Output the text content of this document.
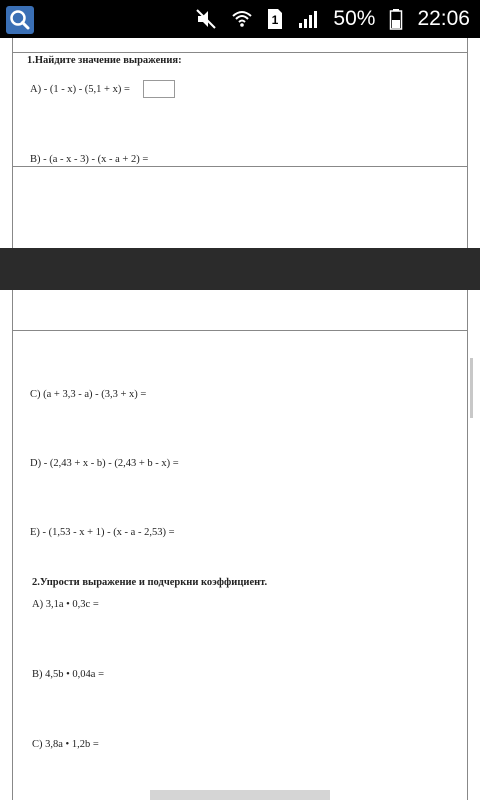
1	50% 22:06
1.Найдите значение выражения:
A) - (1 - x) - (5,1 + x) =
B) - (a - x - 3) - (x - a + 2) =
C) (a + 3,3 - a) - (3,3 + x) =
D) - (2,43 + x - b) - (2,43 + b - x) =
E) - (1,53 - x + 1) - (x - a - 2,53) =
2.Упрости выражение и подчеркни коэффициент.
A) 3,1a • 0,3c =
B) 4,5b • 0,04a =
C) 3,8a • 1,2b =
